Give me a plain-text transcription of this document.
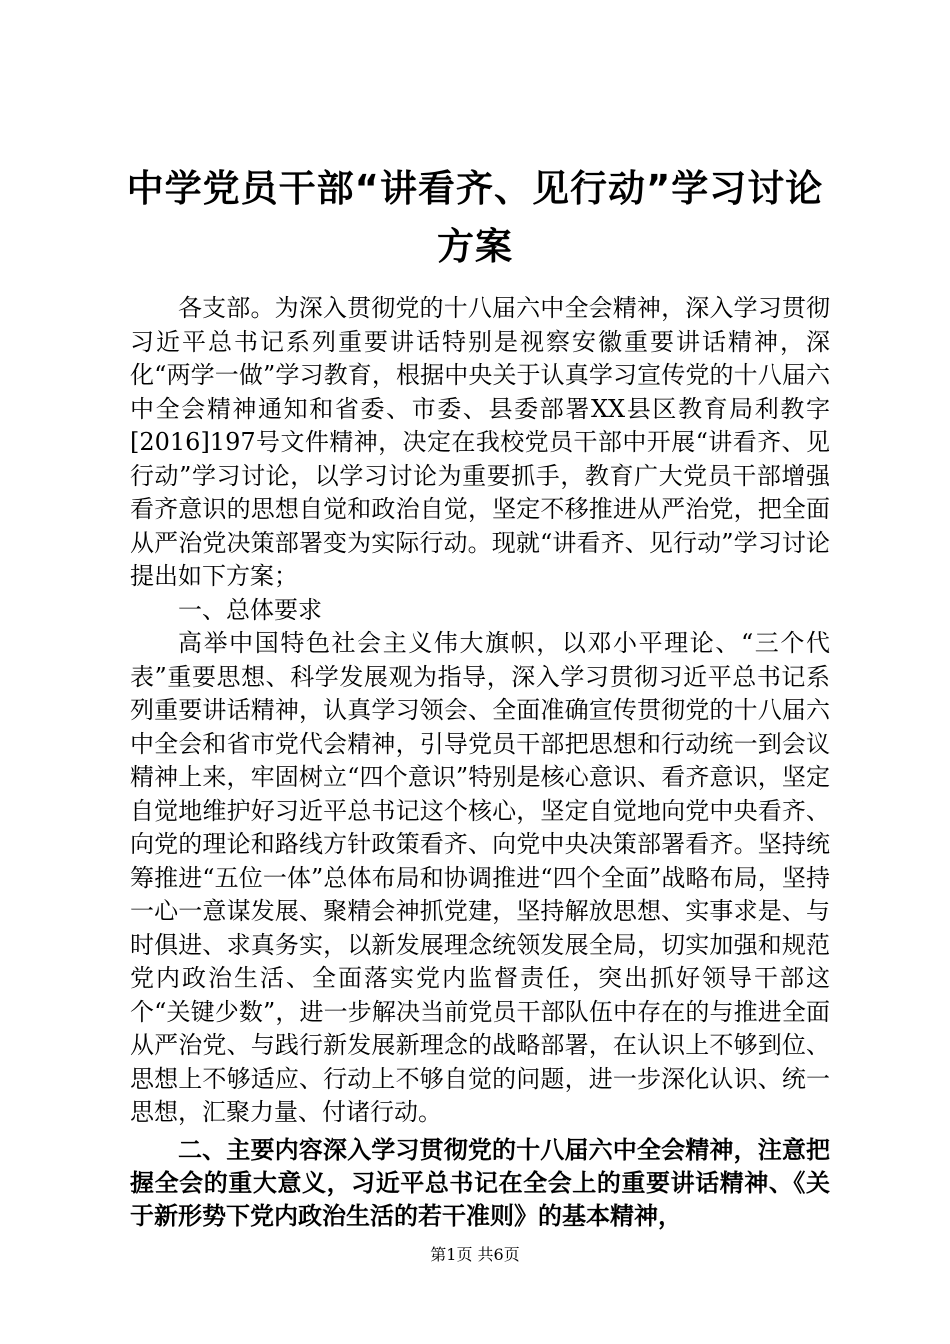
中学党员干部“讲看齐、见行动”学习讨论方案

各支部。为深入贯彻党的十八届六中全会精神，深入学习贯彻习近平总书记系列重要讲话特别是视察安徽重要讲话精神，深化“两学一做”学习教育，根据中央关于认真学习宣传党的十八届六中全会精神通知和省委、市委、县委部署XX县区教育局利教字[2016]197号文件精神，决定在我校党员干部中开展“讲看齐、见行动”学习讨论，以学习讨论为重要抓手，教育广大党员干部增强看齐意识的思想自觉和政治自觉，坚定不移推进从严治党，把全面从严治党决策部署变为实际行动。现就“讲看齐、见行动”学习讨论提出如下方案；

一、总体要求

高举中国特色社会主义伟大旗帜，以邓小平理论、“三个代表”重要思想、科学发展观为指导，深入学习贯彻习近平总书记系列重要讲话精神，认真学习领会、全面准确宣传贯彻党的十八届六中全会和省市党代会精神，引导党员干部把思想和行动统一到会议精神上来，牢固树立“四个意识”特别是核心意识、看齐意识，坚定自觉地维护好习近平总书记这个核心，坚定自觉地向党中央看齐、向党的理论和路线方针政策看齐、向党中央决策部署看齐。坚持统筹推进“五位一体”总体布局和协调推进“四个全面”战略布局，坚持一心一意谋发展、聚精会神抓党建，坚持解放思想、实事求是、与时俱进、求真务实，以新发展理念统领发展全局，切实加强和规范党内政治生活、全面落实党内监督责任，突出抓好领导干部这个“关键少数”，进一步解决当前党员干部队伍中存在的与推进全面从严治党、与践行新发展新理念的战略部署，在认识上不够到位、思想上不够适应、行动上不够自觉的问题，进一步深化认识、统一思想，汇聚力量、付诸行动。

二、主要内容深入学习贯彻党的十八届六中全会精神，注意把握全会的重大意义，习近平总书记在全会上的重要讲话精神、《关于新形势下党内政治生活的若干准则》的基本精神，

第1页 共6页
